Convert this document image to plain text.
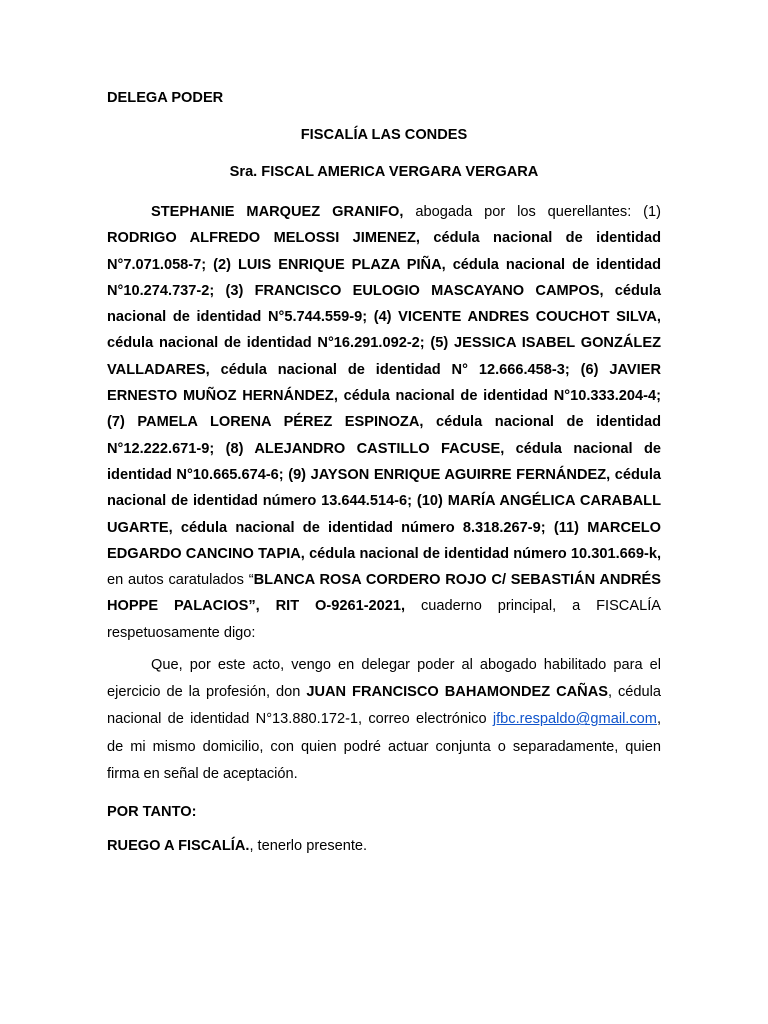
DELEGA PODER

FISCALÍA LAS CONDES

Sra. FISCAL AMERICA VERGARA VERGARA

STEPHANIE MARQUEZ GRANIFO, abogada por los querellantes: (1) RODRIGO ALFREDO MELOSSI JIMENEZ, cédula nacional de identidad N°7.071.058-7; (2) LUIS ENRIQUE PLAZA PIÑA, cédula nacional de identidad N°10.274.737-2; (3) FRANCISCO EULOGIO MASCAYANO CAMPOS, cédula nacional de identidad N°5.744.559-9; (4) VICENTE ANDRES COUCHOT SILVA, cédula nacional de identidad N°16.291.092-2; (5) JESSICA ISABEL GONZÁLEZ VALLADARES, cédula nacional de identidad N° 12.666.458-3; (6) JAVIER ERNESTO MUÑOZ HERNÁNDEZ, cédula nacional de identidad N°10.333.204-4; (7) PAMELA LORENA PÉREZ ESPINOZA, cédula nacional de identidad N°12.222.671-9; (8) ALEJANDRO CASTILLO FACUSE, cédula nacional de identidad N°10.665.674-6; (9) JAYSON ENRIQUE AGUIRRE FERNÁNDEZ, cédula nacional de identidad número 13.644.514-6; (10) MARÍA ANGÉLICA CARABALL UGARTE, cédula nacional de identidad número 8.318.267-9; (11) MARCELO EDGARDO CANCINO TAPIA, cédula nacional de identidad número 10.301.669-k, en autos caratulados “BLANCA ROSA CORDERO ROJO C/ SEBASTIÁN ANDRÉS HOPPE PALACIOS”, RIT O-9261-2021, cuaderno principal, a FISCALÍA respetuosamente digo:

Que, por este acto, vengo en delegar poder al abogado habilitado para el ejercicio de la profesión, don JUAN FRANCISCO BAHAMONDEZ CAÑAS, cédula nacional de identidad N°13.880.172-1, correo electrónico jfbc.respaldo@gmail.com, de mi mismo domicilio, con quien podré actuar conjunta o separadamente, quien firma en señal de aceptación.

POR TANTO:

RUEGO A FISCALÍA., tenerlo presente.
